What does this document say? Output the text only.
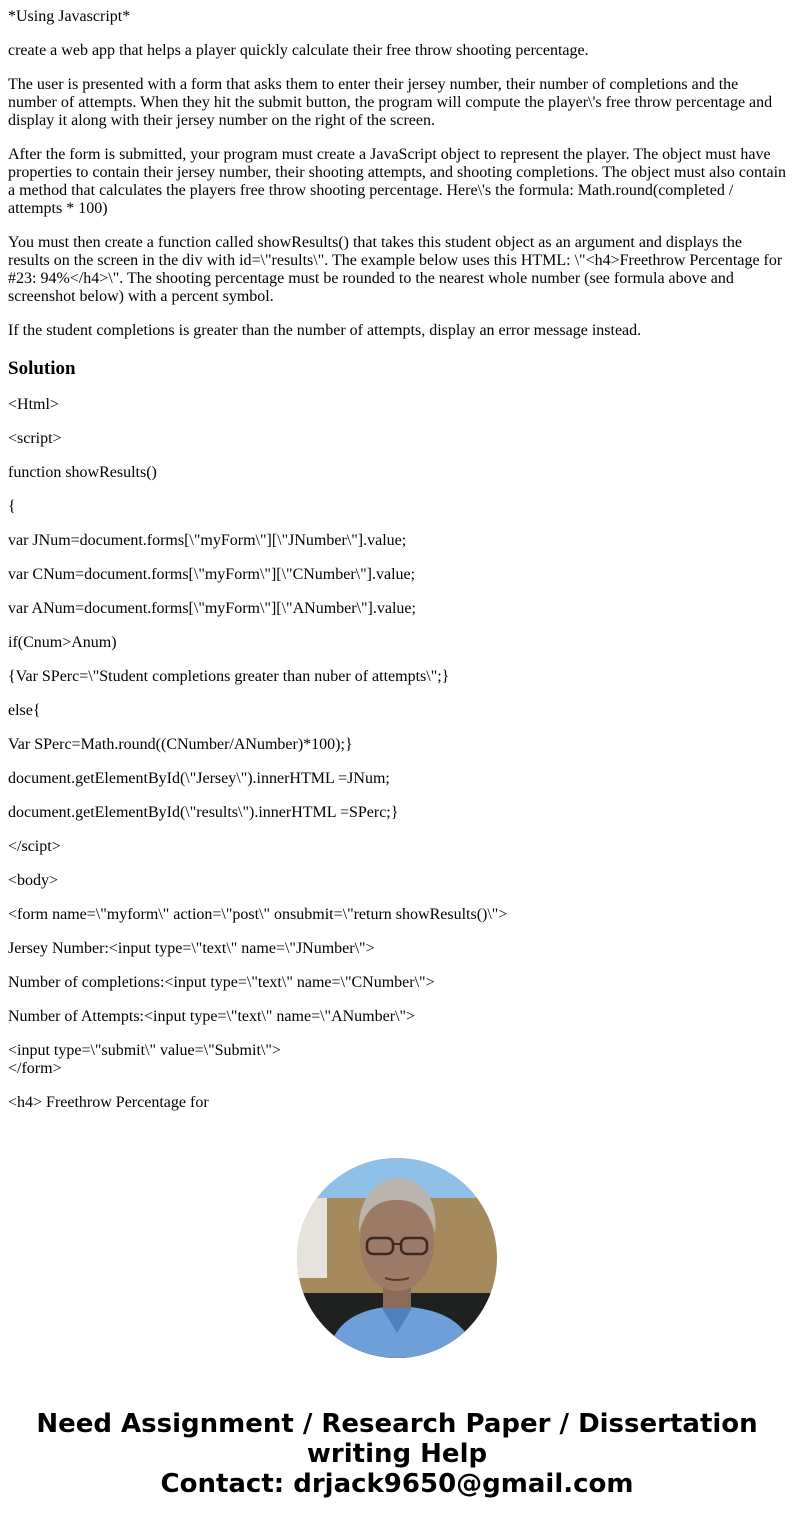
*Using Javascript*

create a web app that helps a player quickly calculate their free throw shooting percentage.

The user is presented with a form that asks them to enter their jersey number, their number of completions and the number of attempts. When they hit the submit button, the program will compute the player\'s free throw percentage and display it along with their jersey number on the right of the screen.

After the form is submitted, your program must create a JavaScript object to represent the player. The object must have properties to contain their jersey number, their shooting attempts, and shooting completions. The object must also contain a method that calculates the players free throw shooting percentage. Here\'s the formula: Math.round(completed / attempts * 100)

You must then create a function called showResults() that takes this student object as an argument and displays the results on the screen in the div with id=\"results\". The example below uses this HTML: \"<h4>Freethrow Percentage for #23: 94%</h4>\". The shooting percentage must be rounded to the nearest whole number (see formula above and screenshot below) with a percent symbol.

If the student completions is greater than the number of attempts, display an error message instead.

Solution

<Html>

<script>

function showResults()

{

var JNum=document.forms[\"myForm\"][\"JNumber\"].value;

var CNum=document.forms[\"myForm\"][\"CNumber\"].value;

var ANum=document.forms[\"myForm\"][\"ANumber\"].value;

if(Cnum>Anum)

{Var SPerc=\"Student completions greater than nuber of attempts\";}

else{

Var SPerc=Math.round((CNumber/ANumber)*100);}

document.getElementById(\"Jersey\").innerHTML =JNum;

document.getElementById(\"results\").innerHTML =SPerc;}

</scipt>

<body>

<form name=\"myform\" action=\"post\" onsubmit=\"return showResults()\">

Jersey Number:<input type=\"text\" name=\"JNumber\">

Number of completions:<input type=\"text\" name=\"CNumber\">

Number of Attempts:<input type=\"text\" name=\"ANumber\">

<input type=\"submit\" value=\"Submit\">
</form>

<h4> Freethrow Percentage for

Need Assignment / Research Paper / Dissertation
writing Help
Contact: drjack9650@gmail.com
